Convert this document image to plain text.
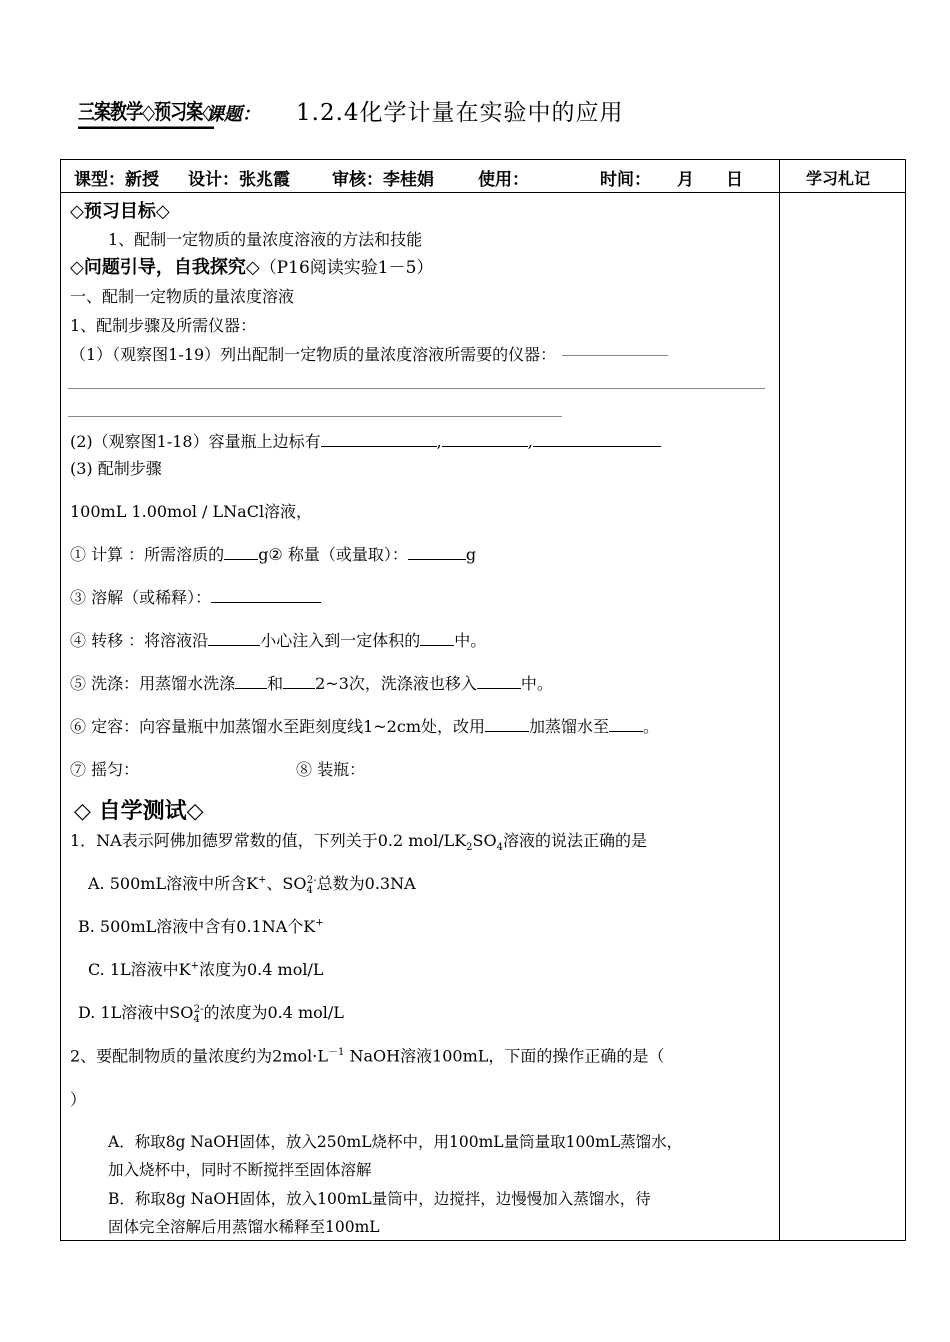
三案教学◇预习案◇
课题： 1.2.4化学计量在实验中的应用
课型：新授 设计：张兆霞 审核：李桂娟	使用：	时间： 月 日	学习札记
◇预习目标◇
1、配制一定物质的量浓度溶液的方法和技能
◇问题引导，自我探究◇（P16阅读实验1－5）
一、配制一定物质的量浓度溶液
1、配制步骤及所需仪器：
（1）（观察图1-19）列出配制一定物质的量浓度溶液所需要的仪器：
(2)（观察图1-18）容量瓶上边标有	,	,
(3) 配制步骤
100mL 1.00mol / LNaCl溶液，
① 计算 ：所需溶质的 g② 称量（或量取）：	g
③ 溶解（或稀释）：
④ 转移 ：将溶液沿	小心注入到一定体积的 中。
⑤ 洗涤：用蒸馏水洗涤 和 2~3次，洗涤液也移入	中。
⑥ 定容：向容量瓶中加蒸馏水至距刻度线1~2cm处，改用	加蒸馏水至 。
⑦ 摇匀：	⑧ 装瓶：
◇ 自学测试◇
1．NA表示阿佛加德罗常数的值，下列关于0.2 mol/$LK_2SO_4$溶液的说法正确的是
A. 500mL溶液中所含K+、$SO_4^{2-}$总数为0.3NA
B. 500mL溶液中含有0.1NA个K+
C. 1L溶液中K+浓度为0.4 mol/L
D. 1L溶液中$SO_4^{2-}$的浓度为0.4 mol/L
2、要配制物质的量浓度约为$2mol\cdot L^{-1}$ NaOH溶液100mL，下面的操作正确的是（
）
A．称取8g NaOH固体，放入250mL烧杯中，用100mL量筒量取100mL蒸馏水，
加入烧杯中，同时不断搅拌至固体溶解
B．称取8g NaOH固体，放入100mL量筒中，边搅拌，边慢慢加入蒸馏水，待
固体完全溶解后用蒸馏水稀释至100mL
